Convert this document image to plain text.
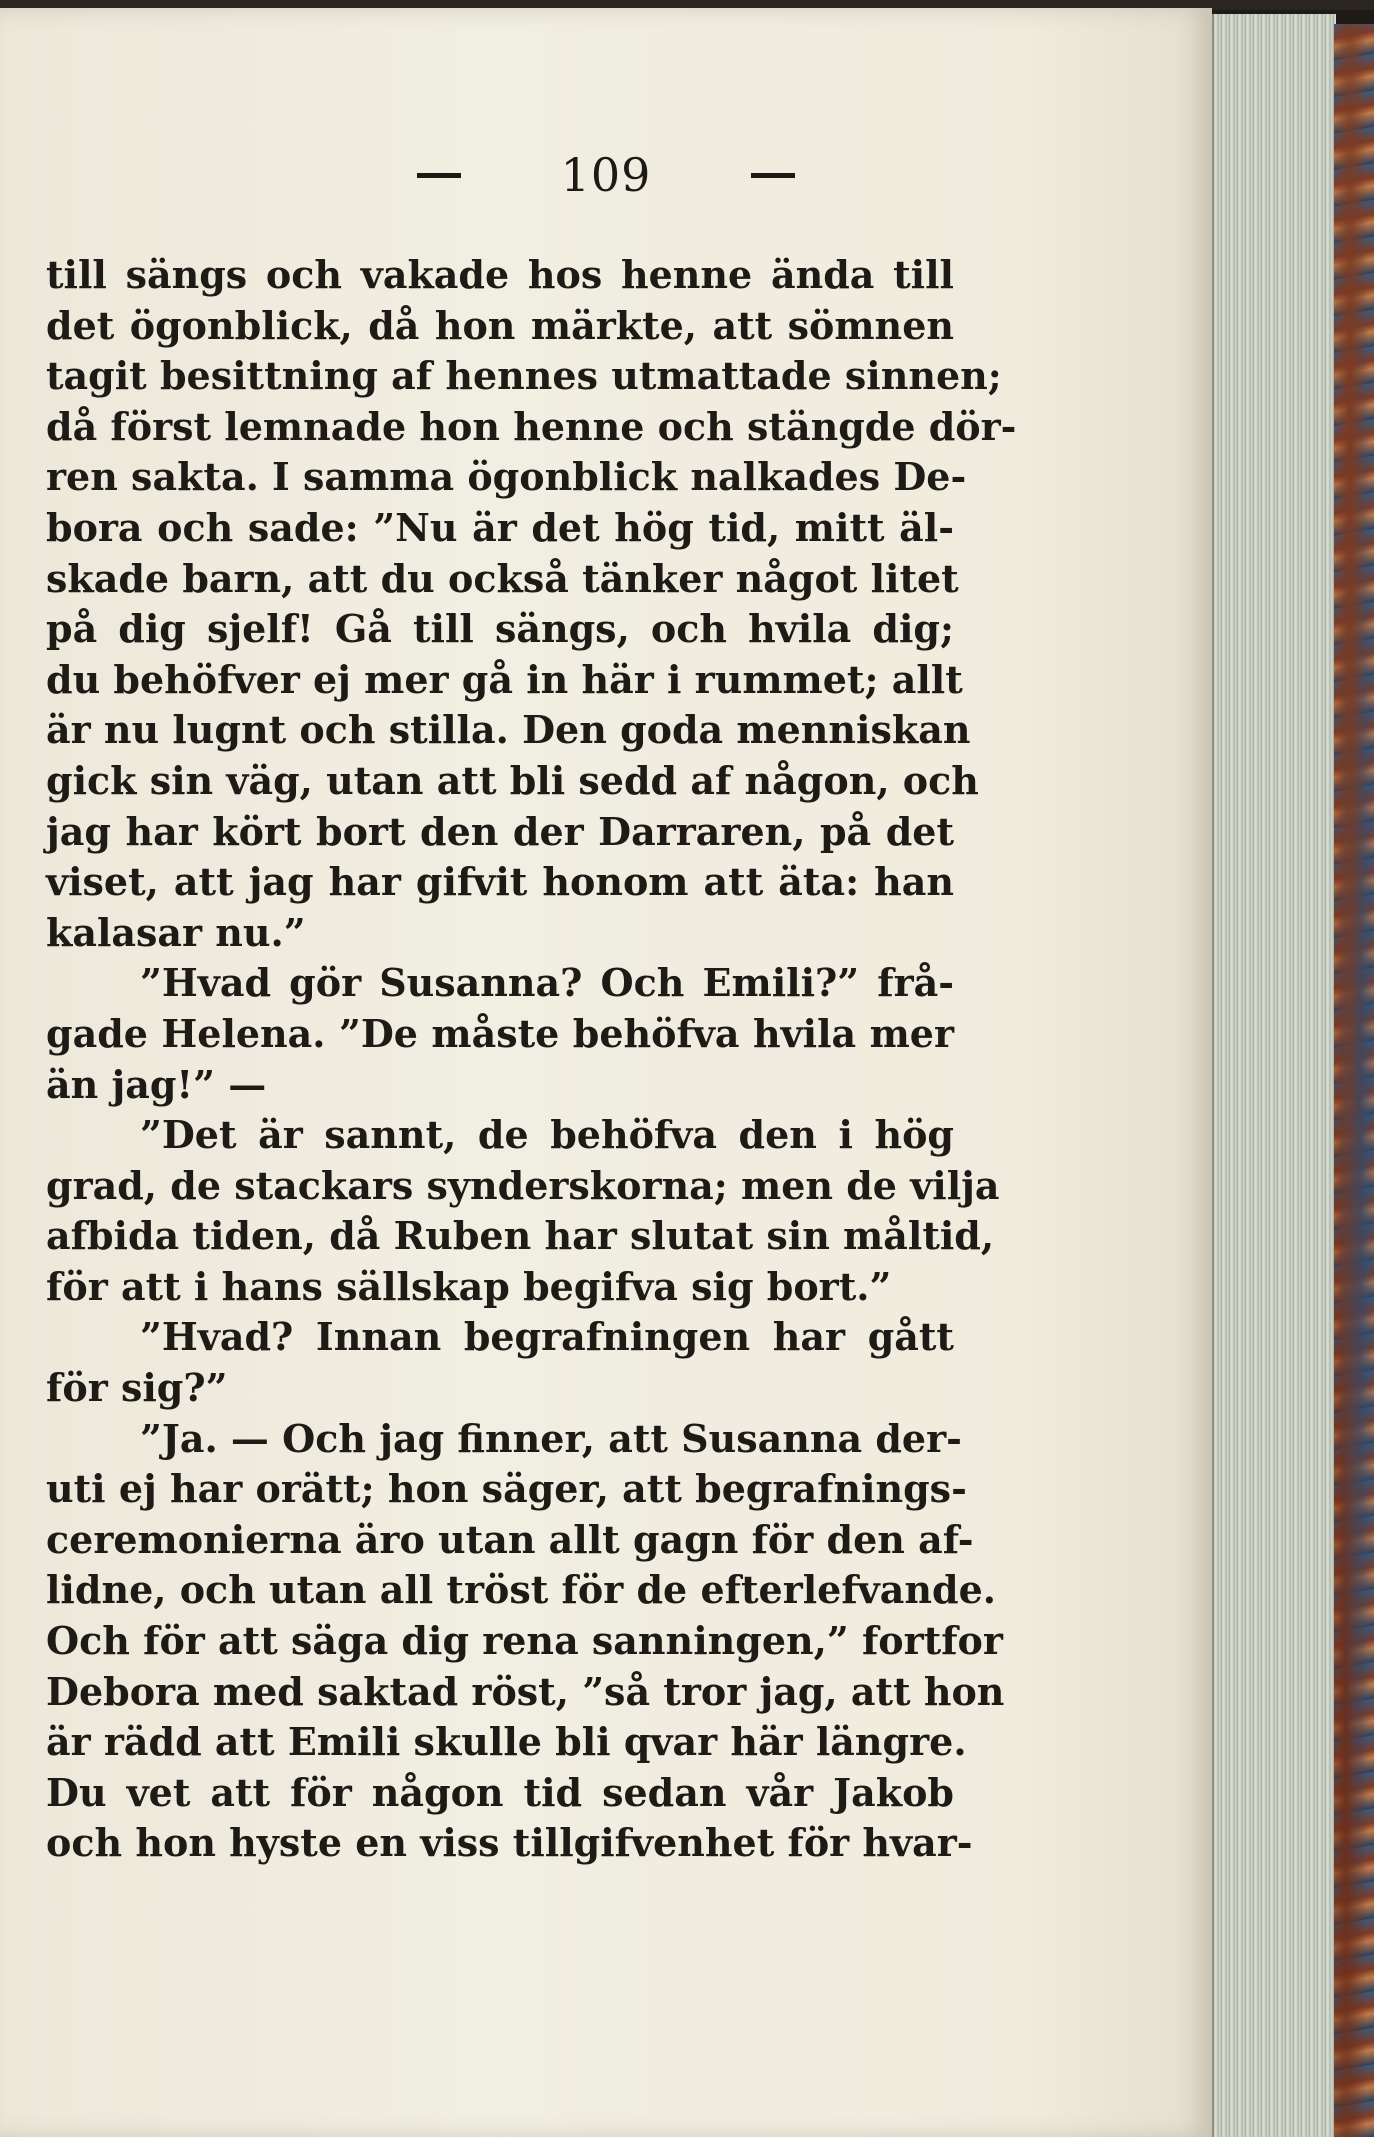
109
till sängs och vakade hos henne ända till
det ögonblick, då hon märkte, att sömnen
tagit besittning af hennes utmattade sinnen;
då först lemnade hon henne och stängde dör-
ren sakta. I samma ögonblick nalkades De-
bora och sade: ”Nu är det hög tid, mitt äl-
skade barn, att du också tänker något litet
på dig sjelf! Gå till sängs, och hvila dig;
du behöfver ej mer gå in här i rummet; allt
är nu lugnt och stilla. Den goda menniskan
gick sin väg, utan att bli sedd af någon, och
jag har kört bort den der Darraren, på det
viset, att jag har gifvit honom att äta: han
kalasar nu.”
”Hvad gör Susanna? Och Emili?” frå-
gade Helena. ”De måste behöfva hvila mer
än jag!” —
”Det är sannt, de behöfva den i hög
grad, de stackars synderskorna; men de vilja
afbida tiden, då Ruben har slutat sin måltid,
för att i hans sällskap begifva sig bort.”
”Hvad? Innan begrafningen har gått
för sig?”
”Ja. — Och jag finner, att Susanna der-
uti ej har orätt; hon säger, att begrafnings-
ceremonierna äro utan allt gagn för den af-
lidne, och utan all tröst för de efterlefvande.
Och för att säga dig rena sanningen,” fortfor
Debora med saktad röst, ”så tror jag, att hon
är rädd att Emili skulle bli qvar här längre.
Du vet att för någon tid sedan vår Jakob
och hon hyste en viss tillgifvenhet för hvar-
